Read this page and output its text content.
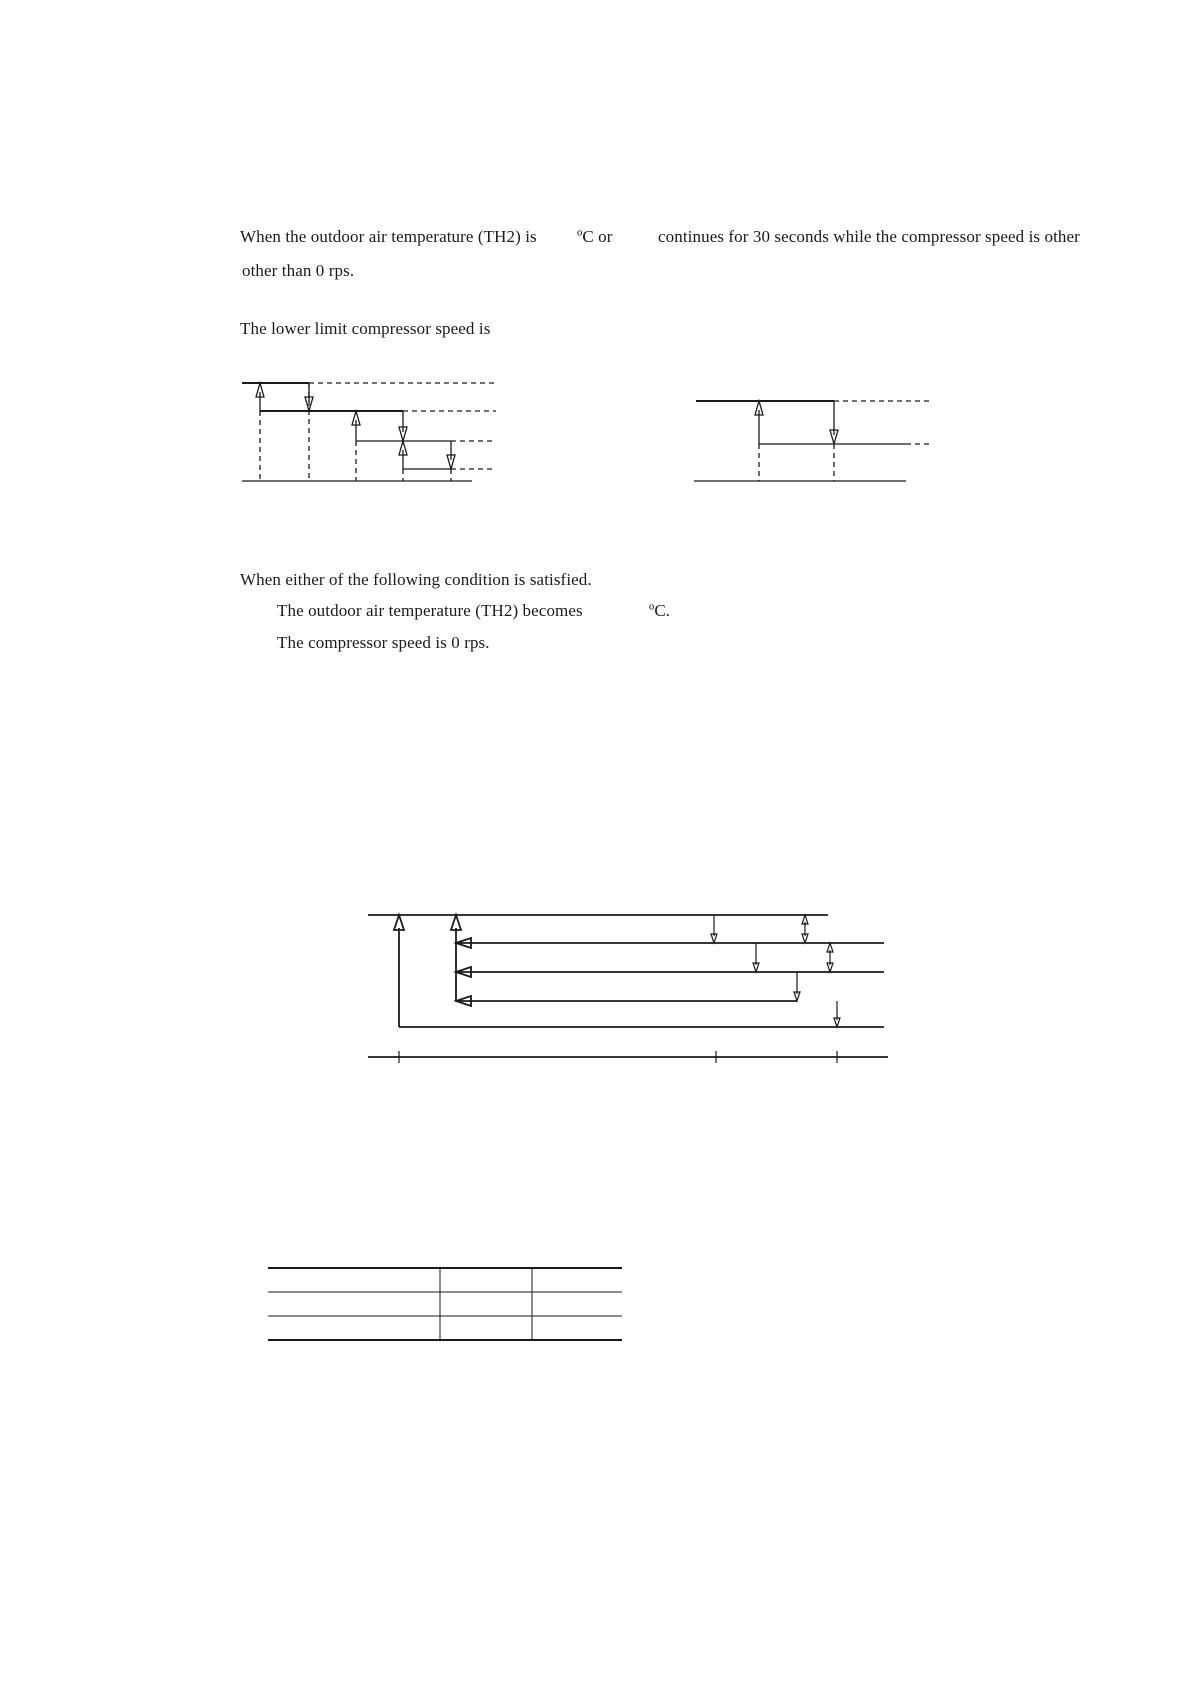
When the outdoor air temperature (TH2) is ºC or	continues for 30 seconds while the compressor speed is other
other than 0 rps.
The lower limit compressor speed is
When either of the following condition is satisfied.
The outdoor air temperature (TH2) becomes	ºC.
The compressor speed is 0 rps.
